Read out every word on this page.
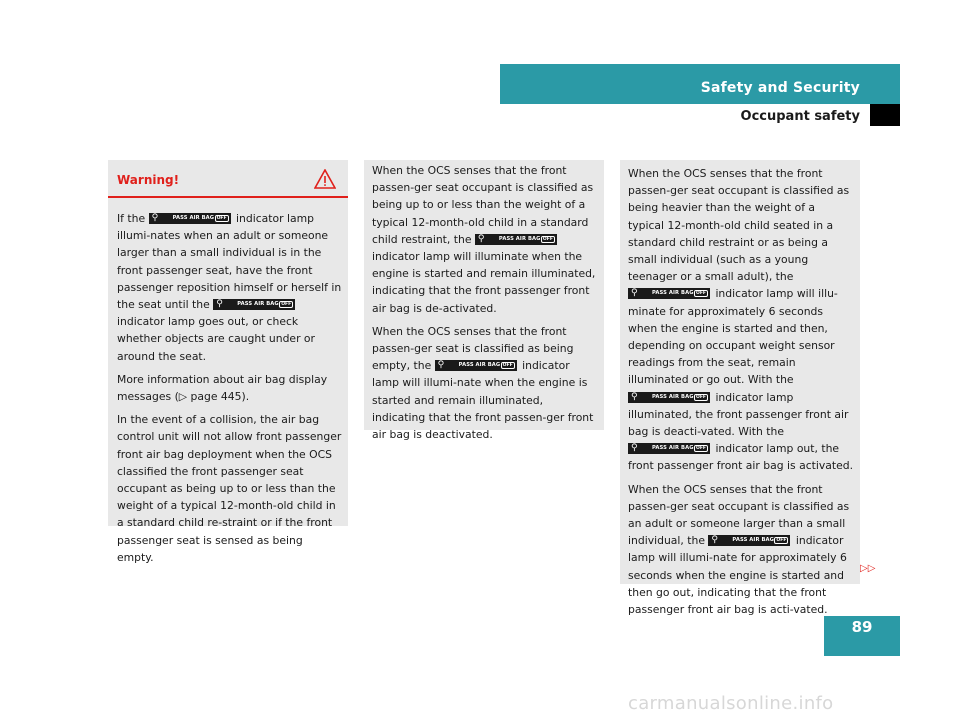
Safety and Security
Occupant safety
Warning!

If the ⚲	PASS AIR BAG OFF indicator lamp illumi-nates when an adult or someone larger than a small individual is in the front passenger seat, have the front passenger reposition himself or herself in the seat until the ⚲	PASS AIR BAG OFF
indicator lamp goes out, or check whether objects are caught under or around the seat.

More information about air bag display messages (▷ page 445).

In the event of a collision, the air bag control unit will not allow front passenger front air bag deployment when the OCS classified the front passenger seat occupant as being up to or less than the weight of a typical 12-month-old child in a standard child re-straint or if the front passenger seat is sensed as being empty.

When the OCS senses that the front passen-ger seat occupant is classified as being up to or less than the weight of a typical 12-month-old child in a standard child restraint, the ⚲	PASS AIR BAG OFF
indicator lamp will illuminate when the engine is started and remain illuminated, indicating that the front passenger front air bag is de-activated.

When the OCS senses that the front passen-ger seat is classified as being empty, the ⚲	PASS AIR BAG OFF indicator lamp will illumi-nate when the engine is started and remain illuminated, indicating that the front passen-ger front air bag is deactivated.

When the OCS senses that the front passen-ger seat occupant is classified as being heavier than the weight of a typical 12-month-old child seated in a standard child restraint or as being a small individual (such as a young teenager or a small adult), the
⚲	PASS AIR BAG OFF indicator lamp will illu-minate for approximately 6 seconds when the engine is started and then, depending on occupant weight sensor readings from the seat, remain illuminated or go out. With the
⚲	PASS AIR BAG OFF indicator lamp illuminated, the front passenger front air bag is deacti-vated. With the
⚲	PASS AIR BAG OFF indicator lamp out, the front passenger front air bag is activated.

When the OCS senses that the front passen-ger seat occupant is classified as an adult or someone larger than a small individual, the ⚲	PASS AIR BAG OFF indicator lamp will illumi-nate for approximately 6 seconds when the engine is started and then go out, indicating that the front passenger front air bag is acti-vated.

▷▷
89
carmanualsonline.info
